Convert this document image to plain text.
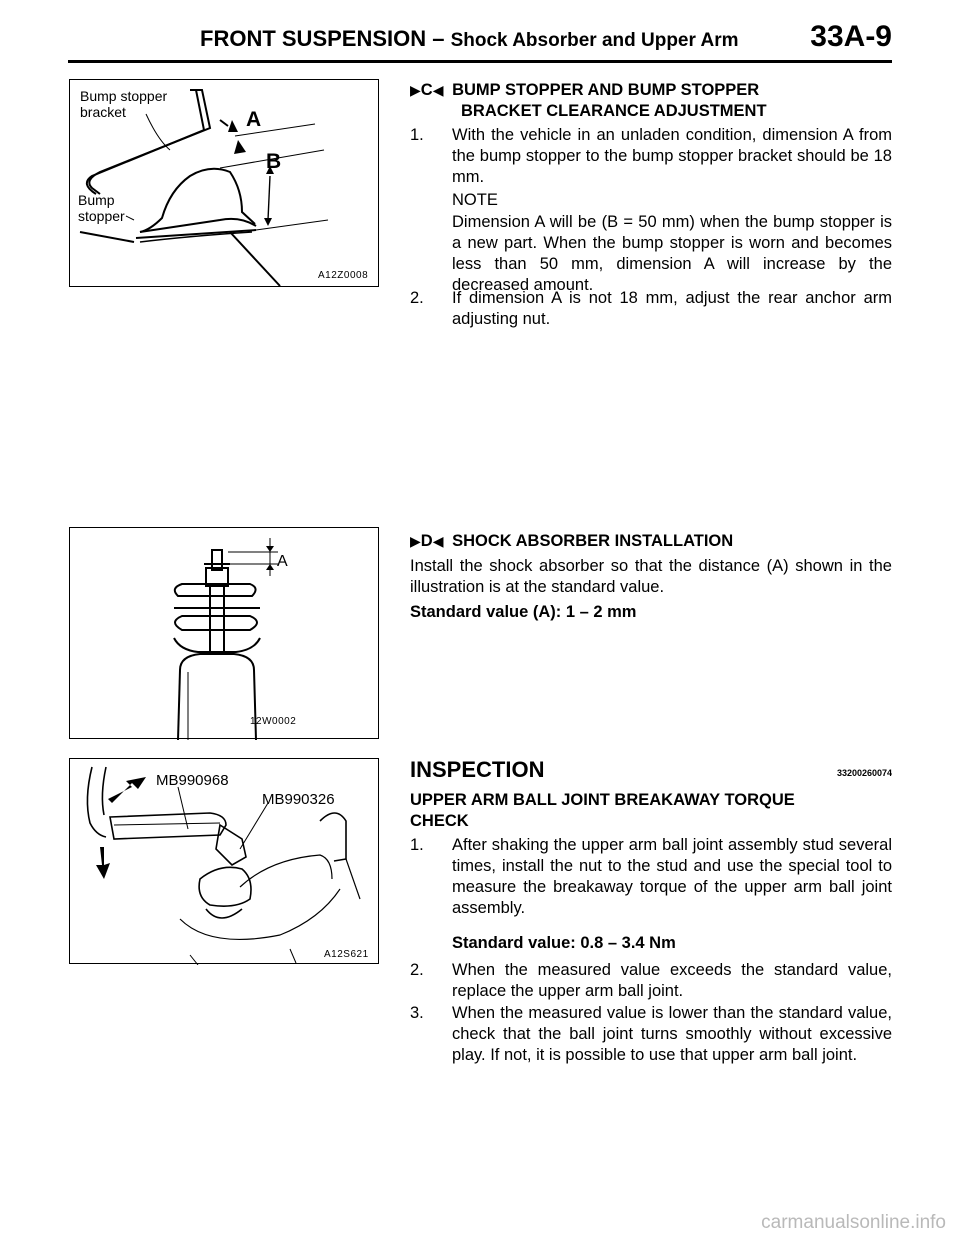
FRONT SUSPENSION – Shock Absorber and Upper Arm 33A-9
Bump stopper
bracket
Bump
stopper
A
B
A12Z0008
▶C◀ BUMP STOPPER AND BUMP STOPPER
BRACKET CLEARANCE ADJUSTMENT
1. With the vehicle in an unladen condition, dimension A from the bump stopper to the bump stopper bracket should be 18 mm.
NOTE
Dimension A will be (B = 50 mm) when the bump stopper is a new part. When the bump stopper is worn and becomes less than 50 mm, dimension A will increase by the decreased amount.
2. If dimension A is not 18 mm, adjust the rear anchor arm adjusting nut.
A
12W0002
▶D◀ SHOCK ABSORBER INSTALLATION
Install the shock absorber so that the distance (A) shown in the illustration is at the standard value.
Standard value (A): 1 – 2 mm
MB990968
MB990326
A12S621
INSPECTION	33200260074
UPPER ARM BALL JOINT BREAKAWAY TORQUE CHECK
1. After shaking the upper arm ball joint assembly stud several times, install the nut to the stud and use the special tool to measure the breakaway torque of the upper arm ball joint assembly.
Standard value: 0.8 – 3.4 Nm
2. When the measured value exceeds the standard value, replace the upper arm ball joint.
3. When the measured value is lower than the standard value, check that the ball joint turns smoothly without excessive play. If not, it is possible to use that upper arm ball joint.
carmanualsonline.info
